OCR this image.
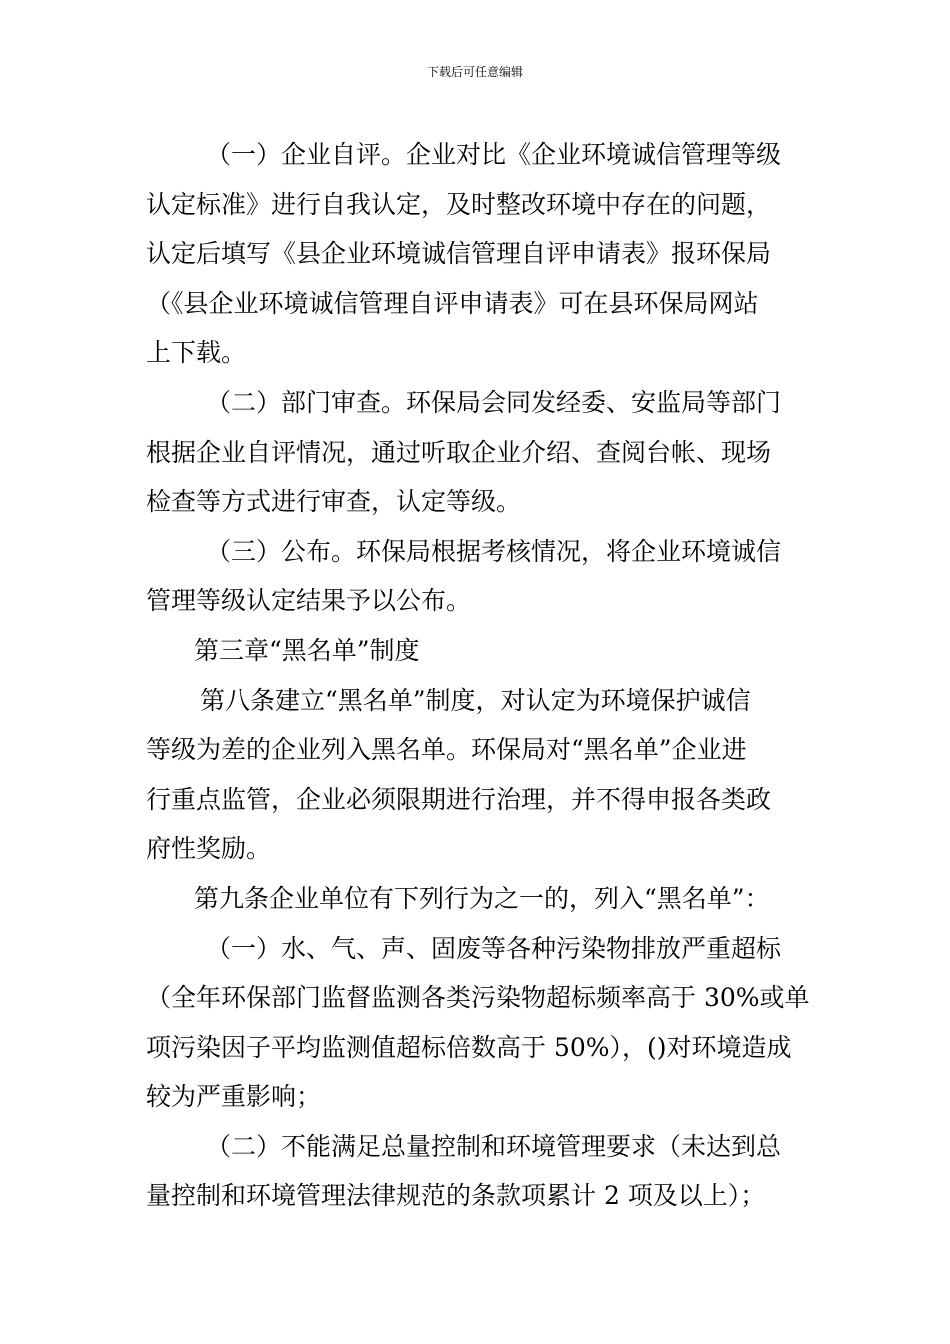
下载后可任意编辑

（一）企业自评。企业对比《企业环境诚信管理等级
认定标准》进行自我认定，及时整改环境中存在的问题，
认定后填写《县企业环境诚信管理自评申请表》报环保局
（《县企业环境诚信管理自评申请表》可在县环保局网站
上下载。

（二）部门审查。环保局会同发经委、安监局等部门
根据企业自评情况，通过听取企业介绍、查阅台帐、现场
检查等方式进行审查，认定等级。

（三）公布。环保局根据考核情况，将企业环境诚信
管理等级认定结果予以公布。

第三章“黑名单”制度

第八条建立“黑名单”制度，对认定为环境保护诚信
等级为差的企业列入黑名单。环保局对“黑名单”企业进
行重点监管，企业必须限期进行治理，并不得申报各类政
府性奖励。

第九条企业单位有下列行为之一的，列入“黑名单”：

（一）水、气、声、固废等各种污染物排放严重超标
（全年环保部门监督监测各类污染物超标频率高于 30%或单
项污染因子平均监测值超标倍数高于 50%），()对环境造成
较为严重影响；

（二）不能满足总量控制和环境管理要求（未达到总
量控制和环境管理法律规范的条款项累计 2 项及以上）；
